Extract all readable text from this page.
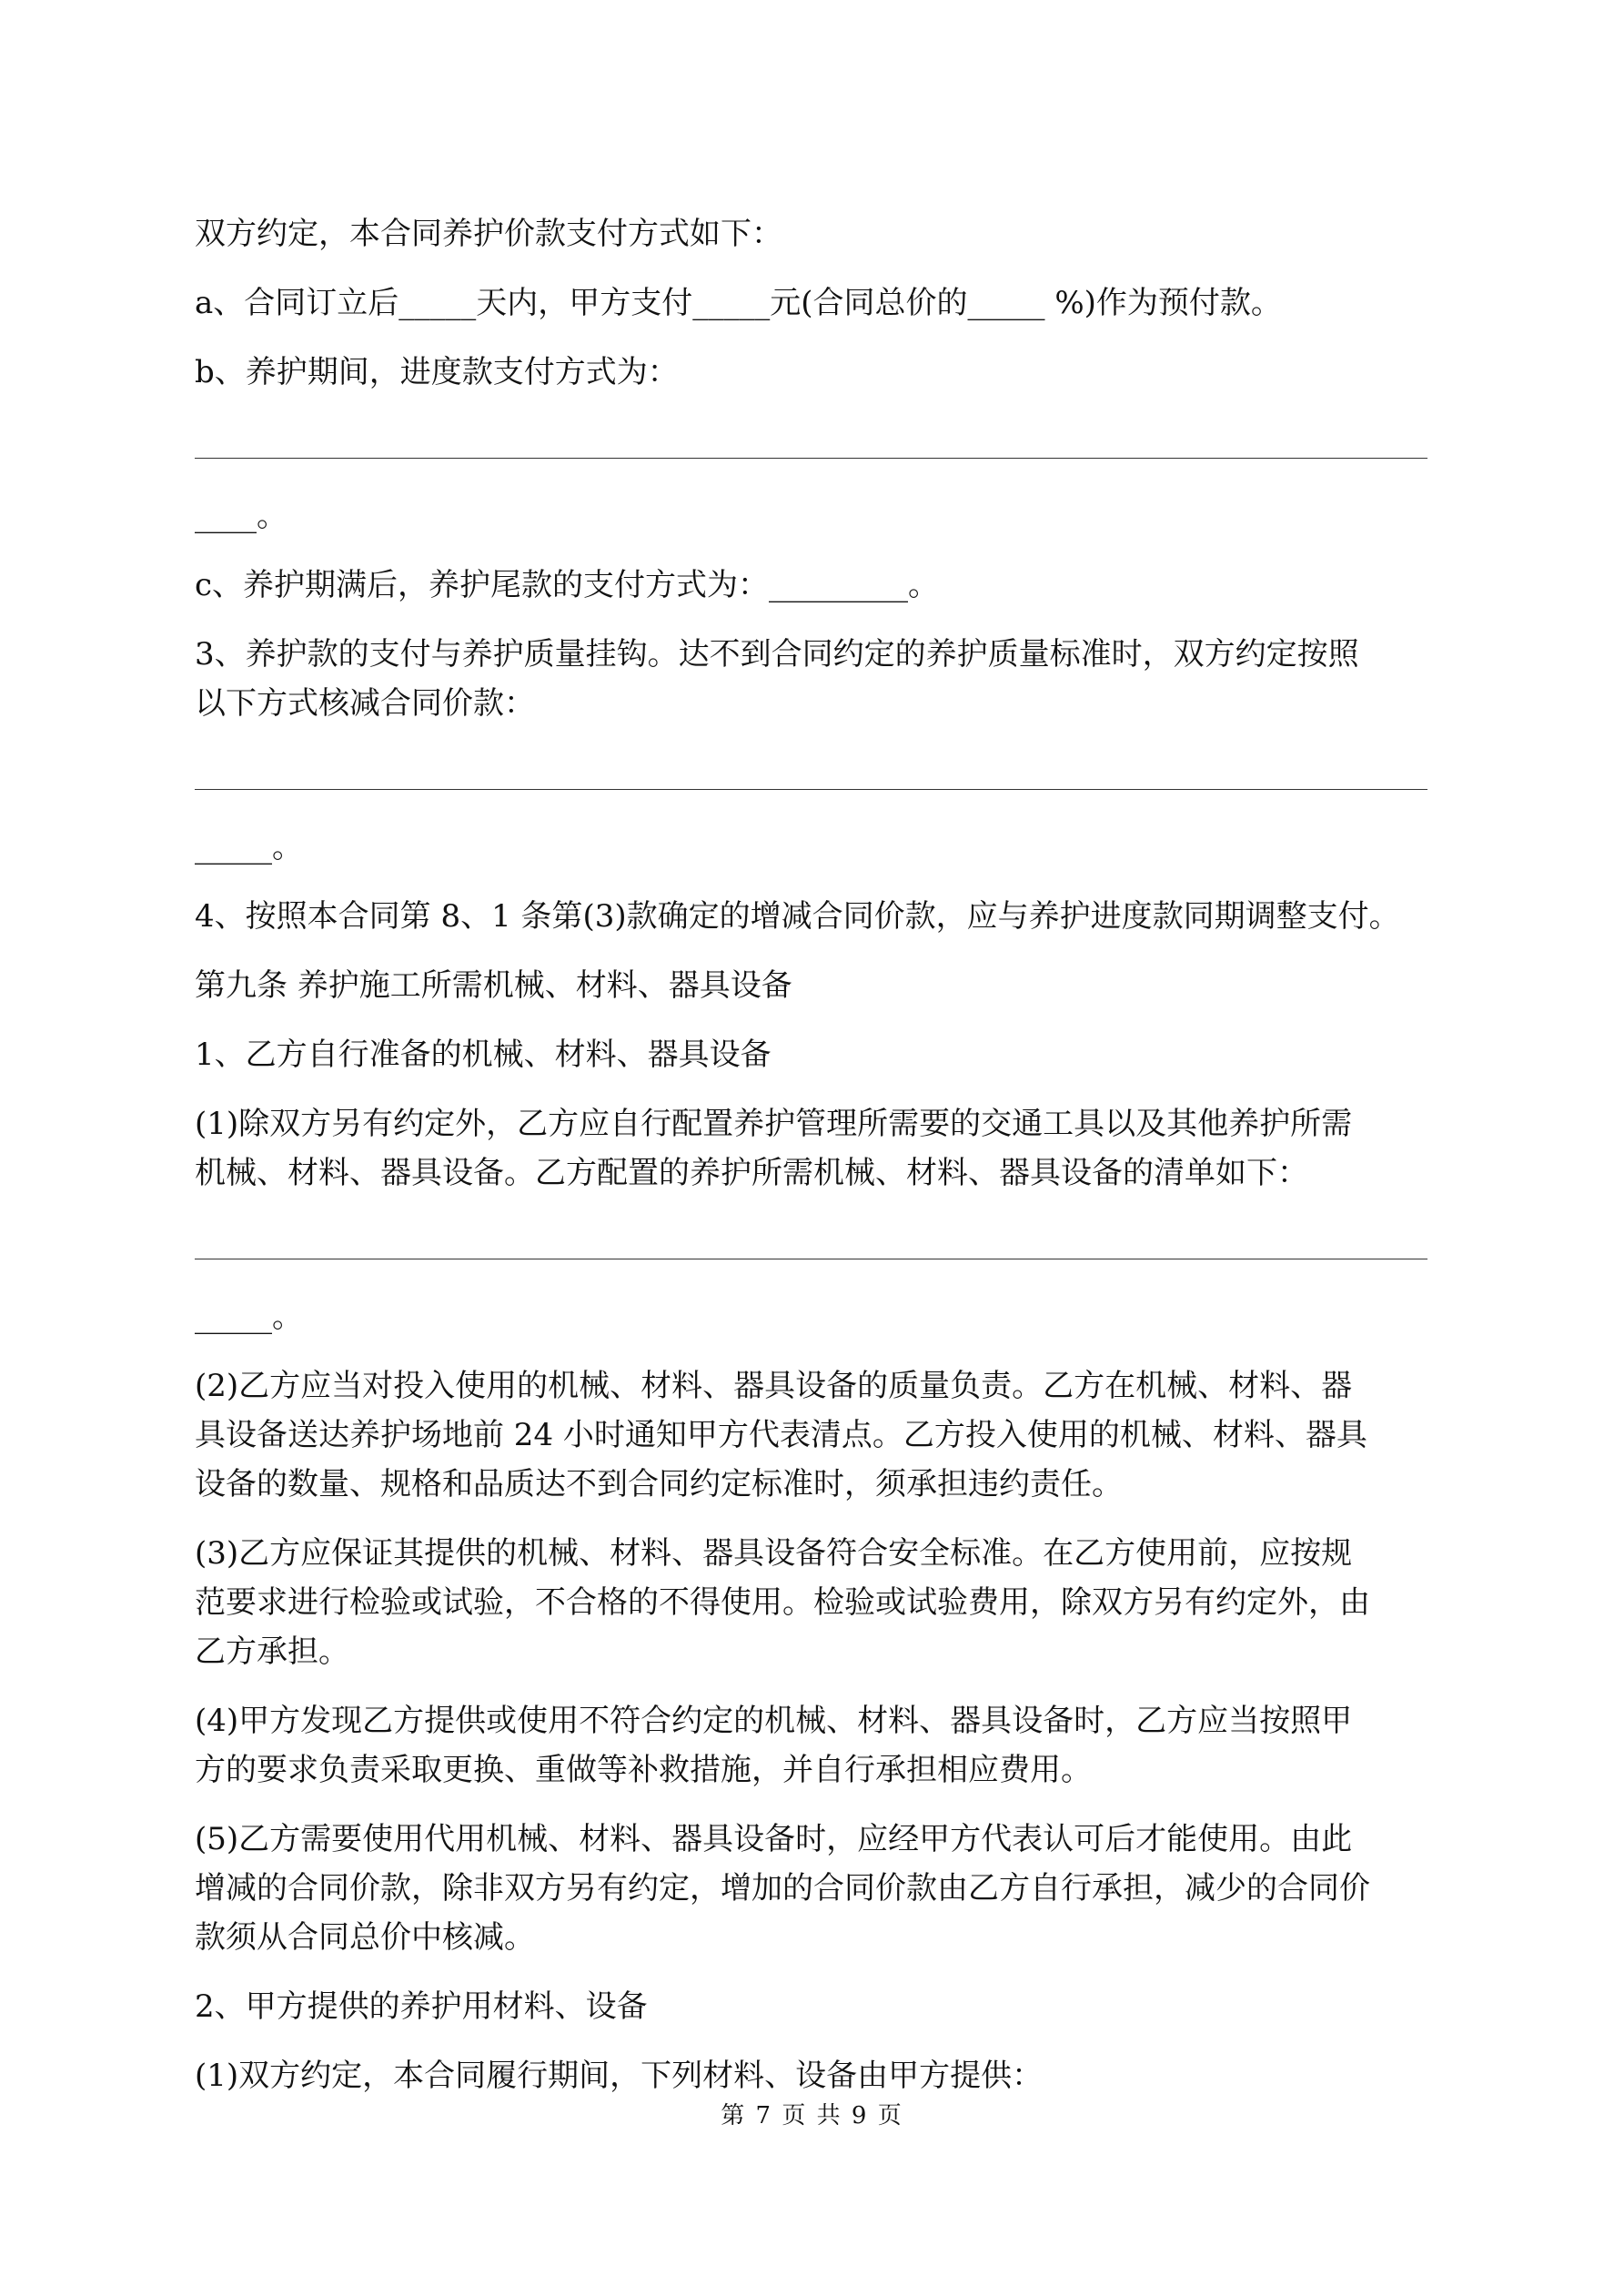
双方约定，本合同养护价款支付方式如下：
a、合同订立后_____天内，甲方支付_____元(合同总价的_____ %)作为预付款。
b、养护期间，进度款支付方式为：
____。
c、养护期满后，养护尾款的支付方式为：_________。
3、养护款的支付与养护质量挂钩。达不到合同约定的养护质量标准时，双方约定按照
以下方式核减合同价款：
_____。
4、按照本合同第 8、1 条第(3)款确定的增减合同价款，应与养护进度款同期调整支付。
第九条 养护施工所需机械、材料、器具设备
1、乙方自行准备的机械、材料、器具设备
(1)除双方另有约定外，乙方应自行配置养护管理所需要的交通工具以及其他养护所需
机械、材料、器具设备。乙方配置的养护所需机械、材料、器具设备的清单如下：
_____。
(2)乙方应当对投入使用的机械、材料、器具设备的质量负责。乙方在机械、材料、器
具设备送达养护场地前 24 小时通知甲方代表清点。乙方投入使用的机械、材料、器具
设备的数量、规格和品质达不到合同约定标准时，须承担违约责任。
(3)乙方应保证其提供的机械、材料、器具设备符合安全标准。在乙方使用前，应按规
范要求进行检验或试验，不合格的不得使用。检验或试验费用，除双方另有约定外，由
乙方承担。
(4)甲方发现乙方提供或使用不符合约定的机械、材料、器具设备时，乙方应当按照甲
方的要求负责采取更换、重做等补救措施，并自行承担相应费用。
(5)乙方需要使用代用机械、材料、器具设备时，应经甲方代表认可后才能使用。由此
增减的合同价款，除非双方另有约定，增加的合同价款由乙方自行承担，减少的合同价
款须从合同总价中核减。
2、甲方提供的养护用材料、设备
(1)双方约定，本合同履行期间，下列材料、设备由甲方提供：
第 7 页 共 9 页
